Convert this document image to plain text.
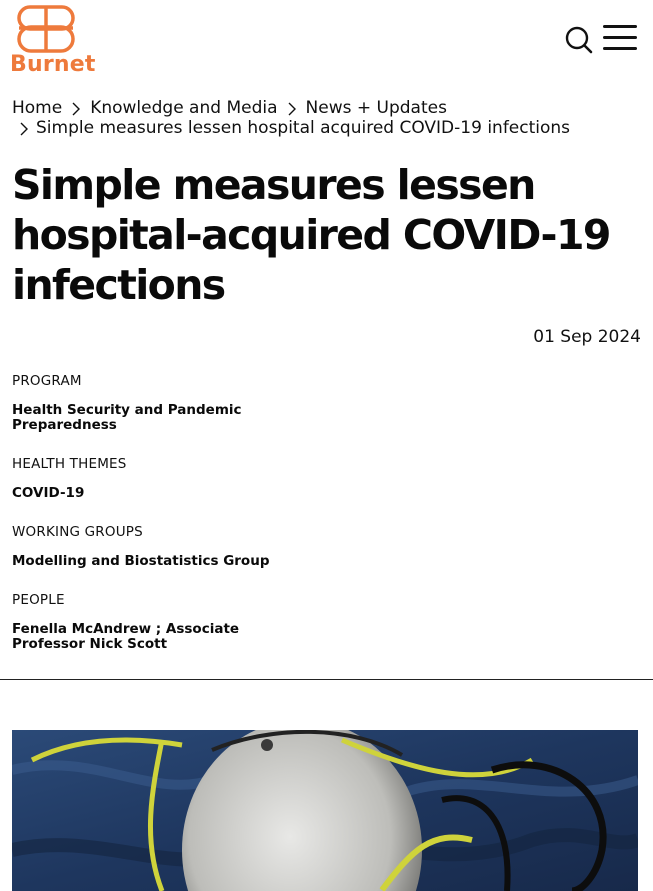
Burnet
Home Knowledge and Media News + Updates
Simple measures lessen hospital acquired COVID-19 infections
Simple measures lessen hospital-acquired COVID-19 infections
01 Sep 2024
PROGRAM
Health Security and Pandemic Preparedness
HEALTH THEMES
COVID-19
WORKING GROUPS
Modelling and Biostatistics Group
PEOPLE
Fenella McAndrew ; Associate Professor Nick Scott
